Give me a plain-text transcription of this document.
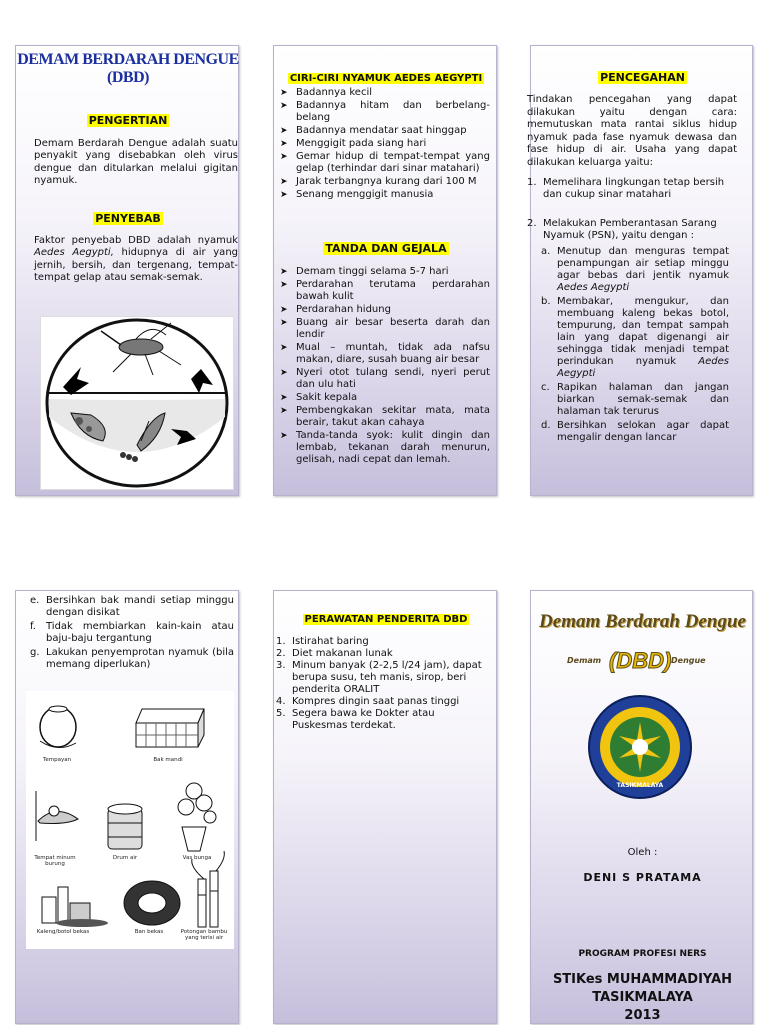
DEMAM BERDARAH DENGUE
(DBD)
PENGERTIAN
Demam Berdarah Dengue adalah suatu penyakit yang disebabkan oleh virus dengue dan ditularkan melalui gigitan nyamuk.
PENYEBAB
Faktor penyebab DBD adalah nyamuk Aedes Aegypti, hidupnya di air yang jernih, bersih, dan tergenang, tempat-tempat gelap atau semak-semak.
CIRI-CIRI NYAMUK AEDES AEGYPTI
➤ Badannya kecil
➤ Badannya hitam dan berbelang-belang
➤ Badannya mendatar saat hinggap
➤ Menggigit pada siang hari
➤ Gemar hidup di tempat-tempat yang gelap (terhindar dari sinar matahari)
➤ Jarak terbangnya kurang dari 100 M
➤ Senang menggigit manusia
TANDA DAN GEJALA
➤ Demam tinggi selama 5-7 hari
➤ Perdarahan terutama perdarahan bawah kulit
➤ Perdarahan hidung
➤ Buang air besar beserta darah dan lendir
➤ Mual – muntah, tidak ada nafsu makan, diare, susah buang air besar
➤ Nyeri otot tulang sendi, nyeri perut dan ulu hati
➤ Sakit kepala
➤ Pembengkakan sekitar mata, mata berair, takut akan cahaya
➤ Tanda-tanda syok: kulit dingin dan lembab, tekanan darah menurun, gelisah, nadi cepat dan lemah.
PENCEGAHAN
Tindakan pencegahan yang dapat dilakukan yaitu dengan cara: memutuskan mata rantai siklus hidup nyamuk pada fase nyamuk dewasa dan fase hidup di air. Usaha yang dapat dilakukan keluarga yaitu:
1. Memelihara lingkungan tetap bersih dan cukup sinar matahari
2. Melakukan Pemberantasan Sarang Nyamuk (PSN), yaitu dengan :
a. Menutup dan menguras tempat penampungan air setiap minggu agar bebas dari jentik nyamuk Aedes Aegypti
b. Membakar, mengukur, dan membuang kaleng bekas botol, tempurung, dan tempat sampah lain yang dapat digenangi air sehingga tidak menjadi tempat perindukan nyamuk Aedes Aegypti
c. Rapikan halaman dan jangan biarkan semak-semak dan halaman tak terurus
d. Bersihkan selokan agar dapat mengalir dengan lancar
e. Bersihkan bak mandi setiap minggu dengan disikat
f. Tidak membiarkan kain-kain atau baju-baju tergantung
g. Lakukan penyemprotan nyamuk (bila memang diperlukan)
Tempayan	Bak mandi
Tempat minum burung
Drum air	Vas bunga
Kaleng/botol bekas	Ban bekas	Potongan bambu yang terisi air
PERAWATAN PENDERITA DBD
1. Istirahat baring
2. Diet makanan lunak
3. Minum banyak (2-2,5 l/24 jam), dapat berupa susu, teh manis, sirop, beri penderita ORALIT
4. Kompres dingin saat panas tinggi
5. Segera bawa ke Dokter atau Puskesmas terdekat.
Demam Berdarah Dengue
Demam (DBD) Dengue
TASIKMALAYA
Oleh :
DENI S PRATAMA
PROGRAM PROFESI NERS
STIKes MUHAMMADIYAH
TASIKMALAYA
2013
